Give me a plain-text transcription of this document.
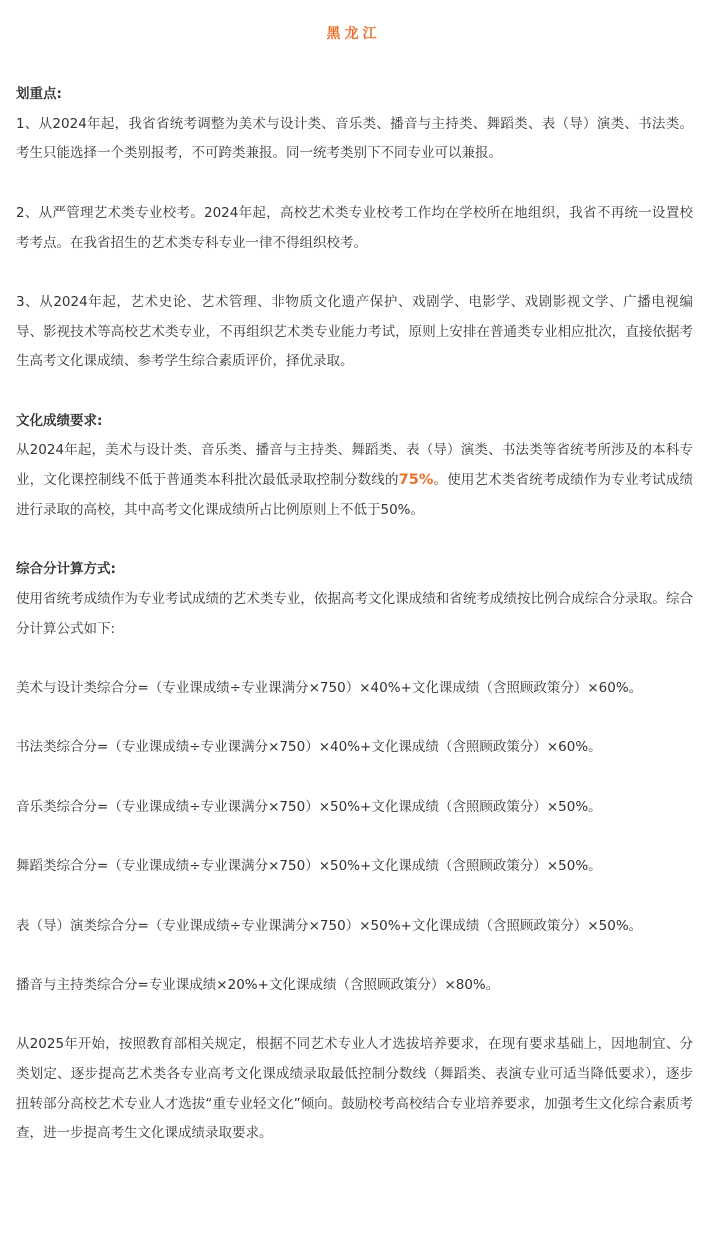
黑龙江

划重点:

1、从2024年起，我省省统考调整为美术与设计类、音乐类、播音与主持类、舞蹈类、表（导）演类、书法类。考生只能选择一个类别报考，不可跨类兼报。同一统考类别下不同专业可以兼报。

2、从严管理艺术类专业校考。2024年起，高校艺术类专业校考工作均在学校所在地组织，我省不再统一设置校考考点。在我省招生的艺术类专科专业一律不得组织校考。

3、从2024年起，艺术史论、艺术管理、非物质文化遗产保护、戏剧学、电影学、戏剧影视文学、广播电视编导、影视技术等高校艺术类专业，不再组织艺术类专业能力考试，原则上安排在普通类专业相应批次，直接依据考生高考文化课成绩、参考学生综合素质评价，择优录取。

文化成绩要求:

从2024年起，美术与设计类、音乐类、播音与主持类、舞蹈类、表（导）演类、书法类等省统考所涉及的本科专业，文化课控制线不低于普通类本科批次最低录取控制分数线的75%。使用艺术类省统考成绩作为专业考试成绩进行录取的高校，其中高考文化课成绩所占比例原则上不低于50%。

综合分计算方式:

使用省统考成绩作为专业考试成绩的艺术类专业，依据高考文化课成绩和省统考成绩按比例合成综合分录取。综合分计算公式如下:

美术与设计类综合分=（专业课成绩÷专业课满分×750）×40%+文化课成绩（含照顾政策分）×60%。

书法类综合分=（专业课成绩÷专业课满分×750）×40%+文化课成绩（含照顾政策分）×60%。

音乐类综合分=（专业课成绩÷专业课满分×750）×50%+文化课成绩（含照顾政策分）×50%。

舞蹈类综合分=（专业课成绩÷专业课满分×750）×50%+文化课成绩（含照顾政策分）×50%。

表（导）演类综合分=（专业课成绩÷专业课满分×750）×50%+文化课成绩（含照顾政策分）×50%。

播音与主持类综合分=专业课成绩×20%+文化课成绩（含照顾政策分）×80%。

从2025年开始，按照教育部相关规定，根据不同艺术专业人才选拔培养要求，在现有要求基础上，因地制宜、分类划定、逐步提高艺术类各专业高考文化课成绩录取最低控制分数线（舞蹈类、表演专业可适当降低要求），逐步扭转部分高校艺术专业人才选拔“重专业轻文化”倾向。鼓励校考高校结合专业培养要求，加强考生文化综合素质考查，进一步提高考生文化课成绩录取要求。
